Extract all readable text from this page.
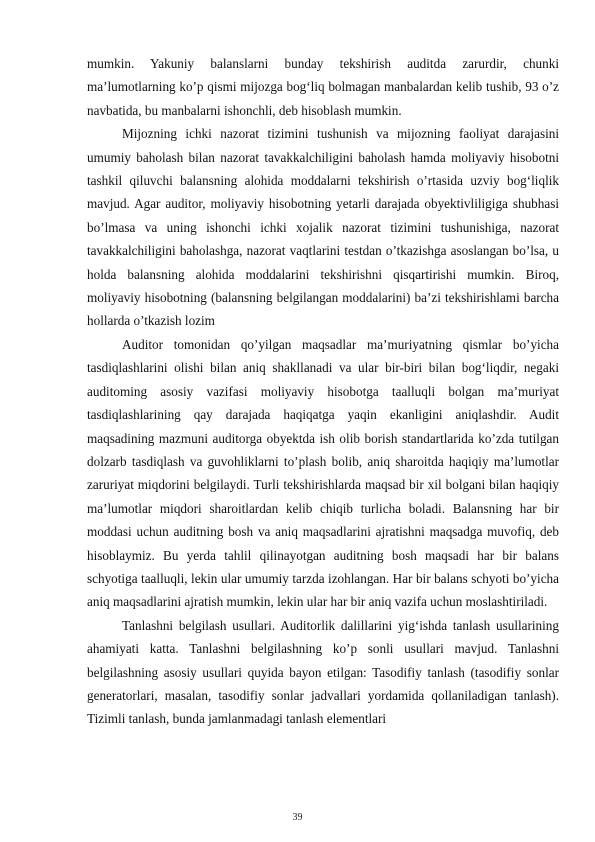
mumkin. Yakuniy balanslarni bunday tekshirish auditda zarurdir, chunki ma’lumotlarning ko’p qismi mijozga bog‘liq bolmagan manbalardan kelib tushib, 93 o’z navbatida, bu manbalarni ishonchli, deb hisoblash mumkin.

Mijozning ichki nazorat tizimini tushunish va mijozning faoliyat darajasini umumiy baholash bilan nazorat tavakkalchiligini baholash hamda moliyaviy hisobotni tashkil qiluvchi balansning alohida moddalarni tekshirish o’rtasida uzviy bog‘liqlik mavjud. Agar auditor, moliyaviy hisobotning yetarli darajada obyektivliligiga shubhasi bo’lmasa va uning ishonchi ichki xojalik nazorat tizimini tushunishiga, nazorat tavakkalchiligini baholashga, nazorat vaqtlarini testdan o’tkazishga asoslangan bo’lsa, u holda balansning alohida moddalarini tekshirishni qisqartirishi mumkin. Biroq, moliyaviy hisobotning (balansning belgilangan moddalarini) ba’zi tekshirishlami barcha hollarda o’tkazish lozim

Auditor tomonidan qo’yilgan maqsadlar ma’muriyatning qismlar bo’yicha tasdiqlashlarini olishi bilan aniq shakllanadi va ular bir-biri bilan bog‘liqdir, negaki auditoming asosiy vazifasi moliyaviy hisobotga taalluqli bolgan ma’muriyat tasdiqlashlarining qay darajada haqiqatga yaqin ekanligini aniqlashdir. Audit maqsadining mazmuni auditorga obyektda ish olib borish standartlarida ko’zda tutilgan dolzarb tasdiqlash va guvohliklarni to’plash bolib, aniq sharoitda haqiqiy ma’lumotlar zaruriyat miqdorini belgilaydi. Turli tekshirishlarda maqsad bir xil bolgani bilan haqiqiy ma’lumotlar miqdori sharoitlardan kelib chiqib turlicha boladi. Balansning har bir moddasi uchun auditning bosh va aniq maqsadlarini ajratishni maqsadga muvofiq, deb hisoblaymiz. Bu yerda tahlil qilinayotgan auditning bosh maqsadi har bir balans schyotiga taalluqli, lekin ular umumiy tarzda izohlangan. Har bir balans schyoti bo’yicha aniq maqsadlarini ajratish mumkin, lekin ular har bir aniq vazifa uchun moslashtiriladi.

Tanlashni belgilash usullari. Auditorlik dalillarini yig‘ishda tanlash usullarining ahamiyati katta. Tanlashni belgilashning ko’p sonli usullari mavjud. Tanlashni belgilashning asosiy usullari quyida bayon etilgan: Tasodifiy tanlash (tasodifiy sonlar generatorlari, masalan, tasodifiy sonlar jadvallari yordamida qollaniladigan tanlash). Tizimli tanlash, bunda jamlanmadagi tanlash elementlari

39
